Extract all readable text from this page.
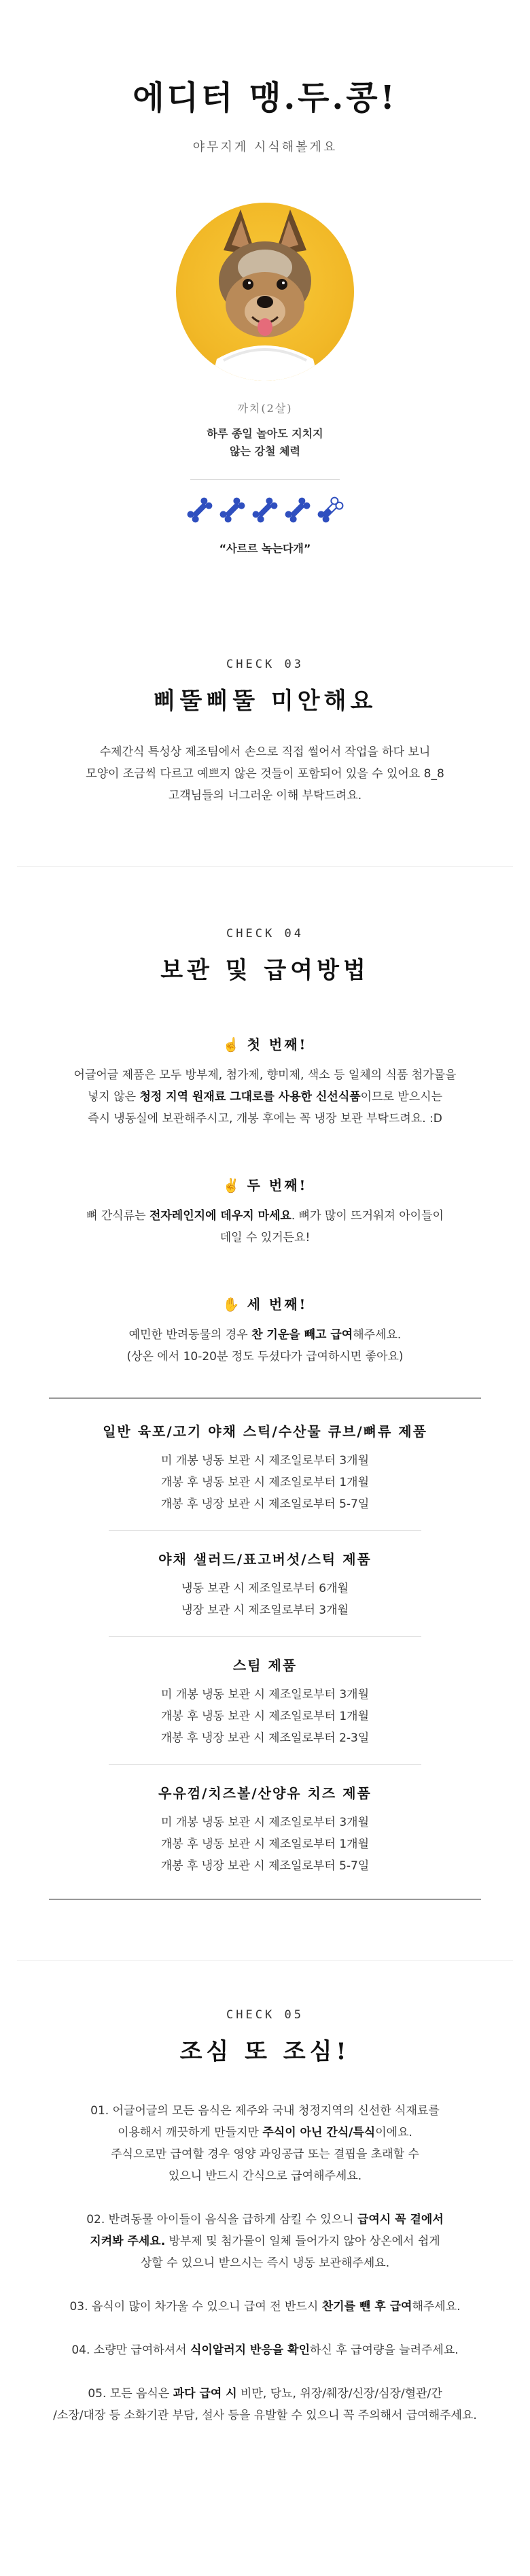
에디터 맹.두.콩!

야무지게 시식해볼게요

까치(2살)

하루 종일 놀아도 지치지
않는 강철 체력

“사르르 녹는다개”

CHECK 03

삐뚤삐뚤 미안해요

수제간식 특성상 제조팀에서 손으로 직접 썰어서 작업을 하다 보니

모양이 조금씩 다르고 예쁘지 않은 것들이 포함되어 있을 수 있어요 8_8

고객님들의 너그러운 이해 부탁드려요.

CHECK 04

보관 및 급여방법
☝ 첫 번째!

어글어글 제품은 모두 방부제, 첨가제, 향미제, 색소 등 일체의 식품 첨가물을

넣지 않은 청정 지역 원재료 그대로를 사용한 신선식품이므로 받으시는

즉시 냉동실에 보관해주시고, 개봉 후에는 꼭 냉장 보관 부탁드려요. :D

✌ 두 번째!

뼈 간식류는 전자레인지에 데우지 마세요. 뼈가 많이 뜨거워져 아이들이

데일 수 있거든요!

✋ 세 번째!

예민한 반려동물의 경우 찬 기운을 빼고 급여해주세요.

(상온 에서 10-20분 정도 두셨다가 급여하시면 좋아요)

일반 육포/고기 야채 스틱/수산물 큐브/뼈류 제품

미 개봉 냉동 보관 시 제조일로부터 3개월

개봉 후 냉동 보관 시 제조일로부터 1개월

개봉 후 냉장 보관 시 제조일로부터 5-7일

야채 샐러드/표고버섯/스틱 제품

냉동 보관 시 제조일로부터 6개월

냉장 보관 시 제조일로부터 3개월

스팀 제품

미 개봉 냉동 보관 시 제조일로부터 3개월

개봉 후 냉동 보관 시 제조일로부터 1개월

개봉 후 냉장 보관 시 제조일로부터 2-3일

우유껌/치즈볼/산양유 치즈 제품

미 개봉 냉동 보관 시 제조일로부터 3개월

개봉 후 냉동 보관 시 제조일로부터 1개월

개봉 후 냉장 보관 시 제조일로부터 5-7일

CHECK 05

조심 또 조심!

01. 어글어글의 모든 음식은 제주와 국내 청정지역의 신선한 식재료를

이용해서 깨끗하게 만들지만 주식이 아닌 간식/특식이에요.

주식으로만 급여할 경우 영양 과잉공급 또는 결핍을 초래할 수

있으니 반드시 간식으로 급여해주세요.

02. 반려동물 아이들이 음식을 급하게 삼킬 수 있으니 급여시 꼭 곁에서

지켜봐 주세요. 방부제 및 첨가물이 일체 들어가지 않아 상온에서 쉽게

상할 수 있으니 받으시는 즉시 냉동 보관해주세요.

03. 음식이 많이 차가울 수 있으니 급여 전 반드시 찬기를 뺀 후 급여해주세요.

04. 소량만 급여하셔서 식이알러지 반응을 확인하신 후 급여량을 늘려주세요.

05. 모든 음식은 과다 급여 시 비만, 당뇨, 위장/췌장/신장/심장/혈관/간

/소장/대장 등 소화기관 부담, 설사 등을 유발할 수 있으니 꼭 주의해서 급여해주세요.
